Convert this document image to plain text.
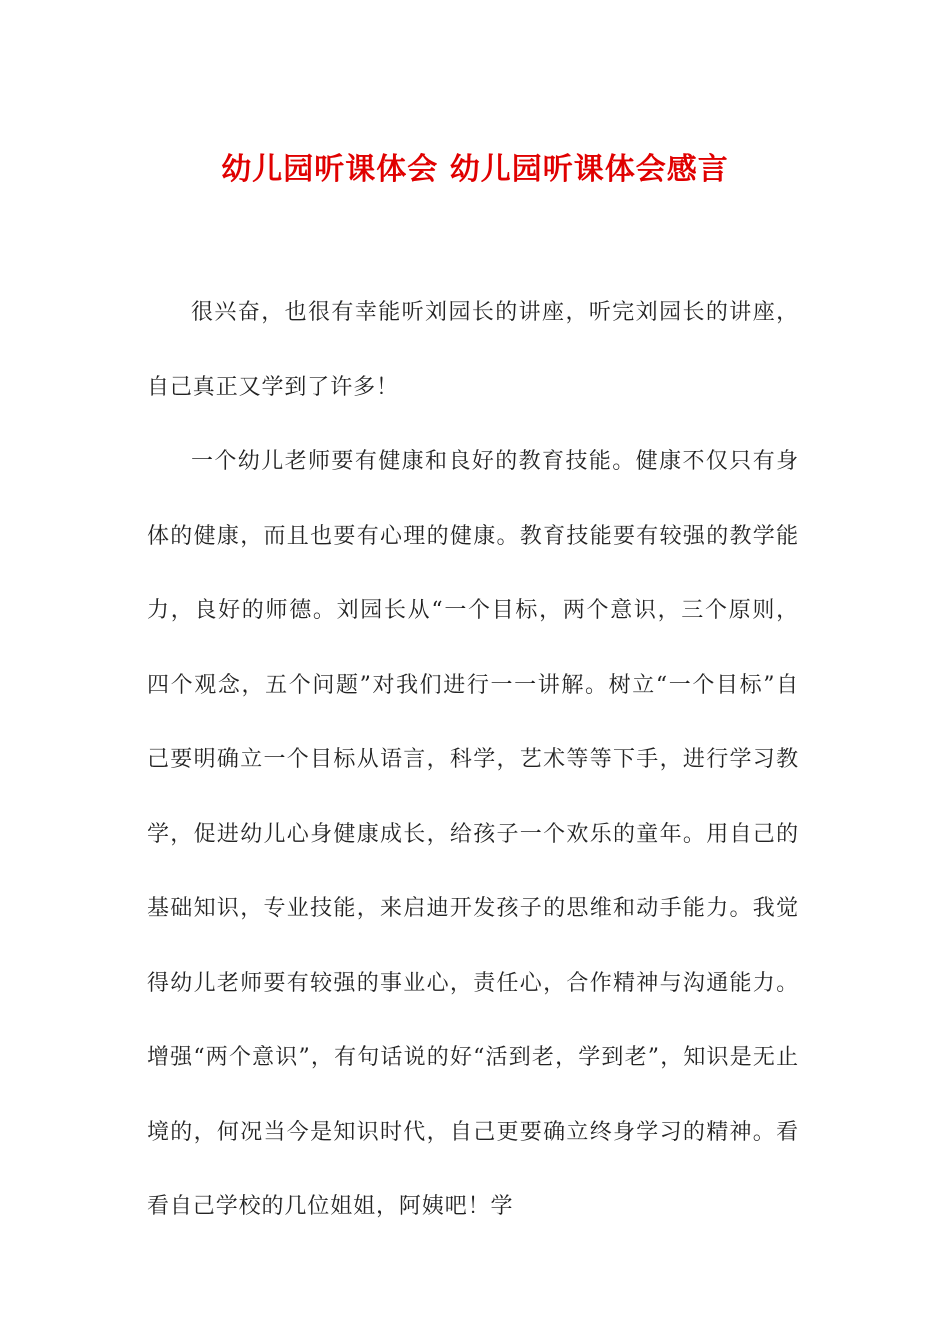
幼儿园听课体会 幼儿园听课体会感言

很兴奋，也很有幸能听刘园长的讲座，听完刘园长的讲座，自己真正又学到了许多！

一个幼儿老师要有健康和良好的教育技能。健康不仅只有身体的健康，而且也要有心理的健康。教育技能要有较强的教学能力，良好的师德。刘园长从“一个目标，两个意识，三个原则，四个观念，五个问题”对我们进行一一讲解。树立“一个目标”自己要明确立一个目标从语言，科学，艺术等等下手，进行学习教学，促进幼儿心身健康成长，给孩子一个欢乐的童年。用自己的基础知识，专业技能，来启迪开发孩子的思维和动手能力。我觉得幼儿老师要有较强的事业心，责任心，合作精神与沟通能力。增强“两个意识”，有句话说的好“活到老，学到老”，知识是无止境的，何况当今是知识时代，自己更要确立终身学习的精神。看看自己学校的几位姐姐，阿姨吧！学
